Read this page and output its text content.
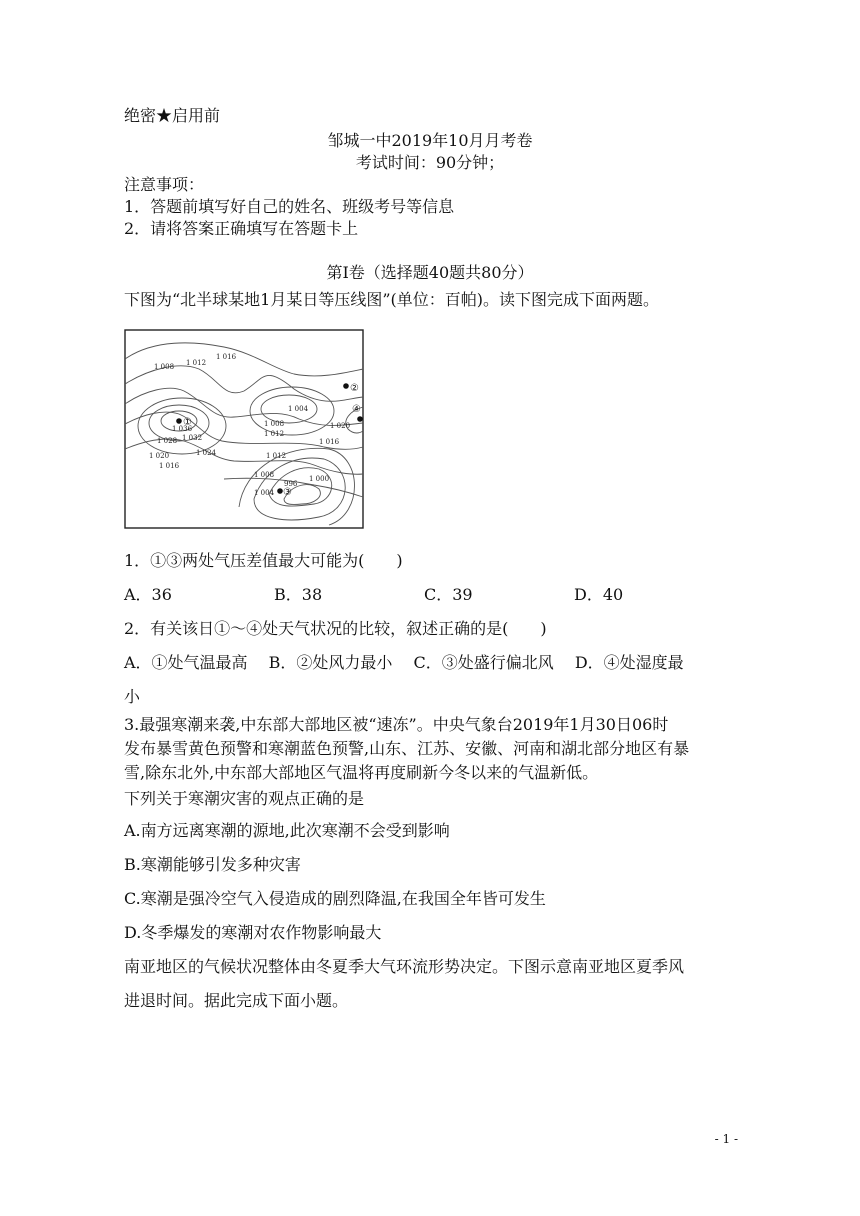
绝密★启用前
邹城一中2019年10月月考卷
考试时间：90分钟；
注意事项：
1．答题前填写好自己的姓名、班级考号等信息
2．请将答案正确填写在答题卡上
第I卷（选择题40题共80分）
下图为“北半球某地1月某日等压线图”(单位：百帕)。读下图完成下面两题。
1 008 1 012
1 016
1 004
1 008
1 012
1 016
1 020
1 036
1 032
1 028
1 024
1 020
1 016
1 012
1 008
1 004
1 000
996
①
②
③
④
1．①③两处气压差值最大可能为(　　)
A．36	B．38	C．39	D．40
2．有关该日①～④处天气状况的比较，叙述正确的是(　　)
A．①处气温最高　 B．②处风力最小　 C．③处盛行偏北风　 D．④处湿度最
小
3.最强寒潮来袭,中东部大部地区被“速冻”。中央气象台2019年1月30日06时
发布暴雪黄色预警和寒潮蓝色预警,山东、江苏、安徽、河南和湖北部分地区有暴
雪,除东北外,中东部大部地区气温将再度刷新今冬以来的气温新低。
下列关于寒潮灾害的观点正确的是
A.南方远离寒潮的源地,此次寒潮不会受到影响
B.寒潮能够引发多种灾害
C.寒潮是强冷空气入侵造成的剧烈降温,在我国全年皆可发生
D.冬季爆发的寒潮对农作物影响最大
南亚地区的气候状况整体由冬夏季大气环流形势决定。下图示意南亚地区夏季风
进退时间。据此完成下面小题。
- 1 -
